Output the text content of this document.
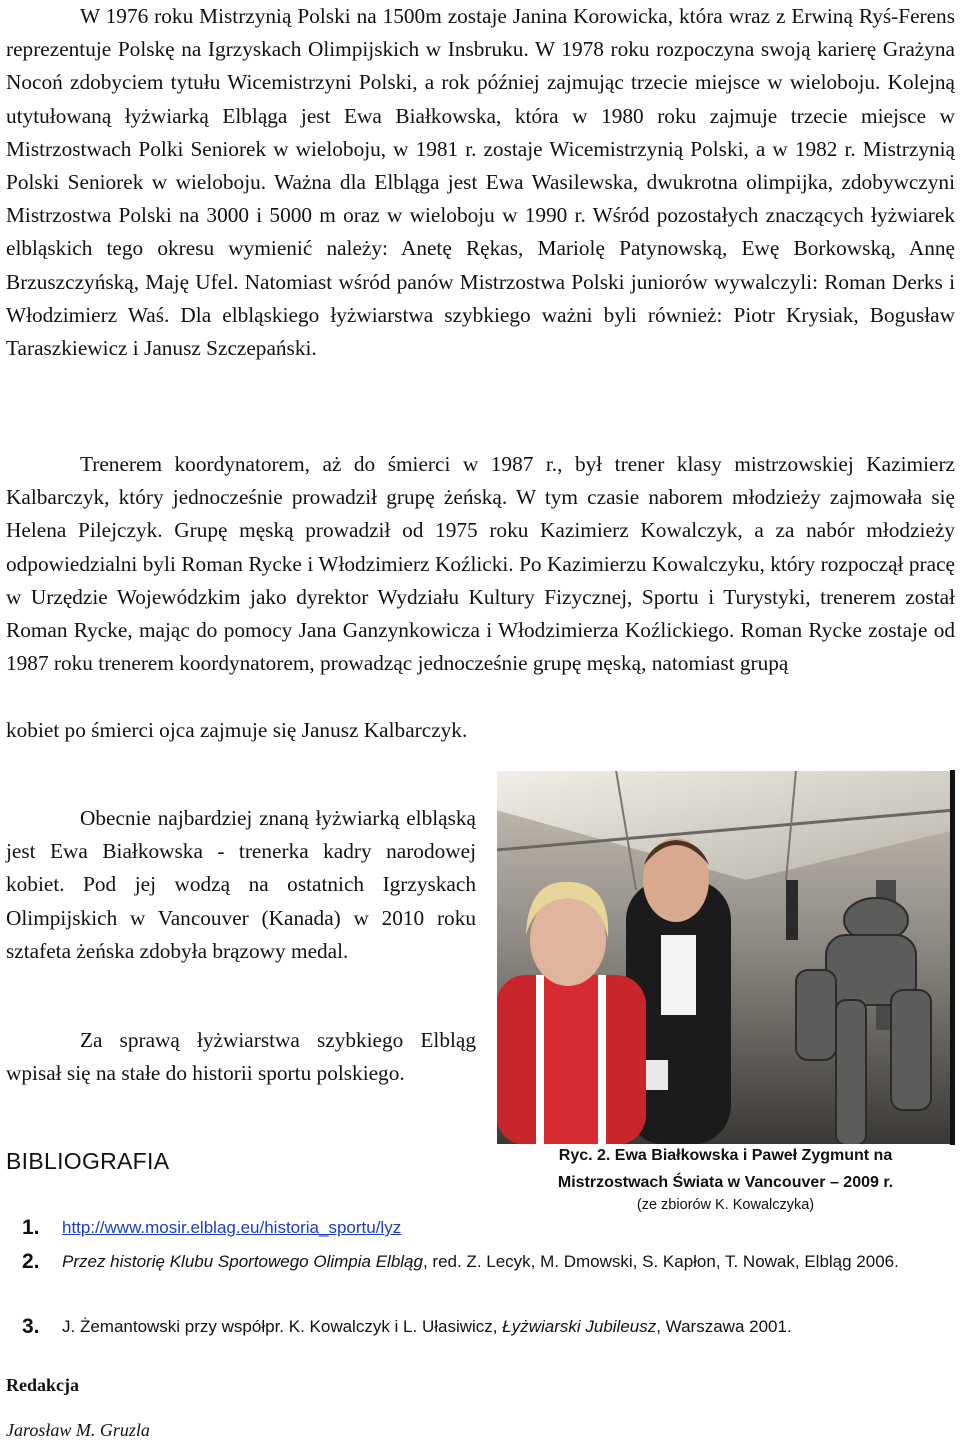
W 1976 roku Mistrzynią Polski na 1500m zostaje Janina Korowicka, która wraz z Erwiną Ryś-Ferens reprezentuje Polskę na Igrzyskach Olimpijskich w Insbruku. W 1978 roku rozpoczyna swoją karierę Grażyna Nocoń zdobyciem tytułu Wicemistrzyni Polski, a rok później zajmując trzecie miejsce w wieloboju. Kolejną utytułowaną łyżwiarką Elbląga jest Ewa Białkowska, która w 1980 roku zajmuje trzecie miejsce w Mistrzostwach Polki Seniorek w wieloboju, w 1981 r. zostaje Wicemistrzynią Polski, a w 1982 r. Mistrzynią Polski Seniorek w wieloboju. Ważna dla Elbląga jest Ewa Wasilewska, dwukrotna olimpijka, zdobywczyni Mistrzostwa Polski na 3000 i 5000 m oraz w wieloboju w 1990 r. Wśród pozostałych znaczących łyżwiarek elbląskich tego okresu wymienić należy: Anetę Rękas, Mariolę Patynowską, Ewę Borkowską, Annę Brzuszczyńską, Maję Ufel. Natomiast wśród panów Mistrzostwa Polski juniorów wywalczyli: Roman Derks i Włodzimierz Waś. Dla elbląskiego łyżwiarstwa szybkiego ważni byli również: Piotr Krysiak, Bogusław Taraszkiewicz i Janusz Szczepański.
Trenerem koordynatorem, aż do śmierci w 1987 r., był trener klasy mistrzowskiej Kazimierz Kalbarczyk, który jednocześnie prowadził grupę żeńską. W tym czasie naborem młodzieży zajmowała się Helena Pilejczyk. Grupę męską prowadził od 1975 roku Kazimierz Kowalczyk, a za nabór młodzieży odpowiedzialni byli Roman Rycke i Włodzimierz Koźlicki. Po Kazimierzu Kowalczyku, który rozpoczął pracę w Urzędzie Wojewódzkim jako dyrektor Wydziału Kultury Fizycznej, Sportu i Turystyki, trenerem został Roman Rycke, mając do pomocy Jana Ganzynkowicza i Włodzimierza Koźlickiego. Roman Rycke zostaje od 1987 roku trenerem koordynatorem, prowadząc jednocześnie grupę męską, natomiast grupą
kobiet po śmierci ojca zajmuje się Janusz Kalbarczyk.
Obecnie najbardziej znaną łyżwiarką elbląską jest Ewa Białkowska - trenerka kadry narodowej kobiet. Pod jej wodzą na ostatnich Igrzyskach Olimpijskich w Vancouver (Kanada) w 2010 roku sztafeta żeńska zdobyła brązowy medal.
Za sprawą łyżwiarstwa szybkiego Elbląg wpisał się na stałe do historii sportu polskiego.
Ryc. 2. Ewa Białkowska i Paweł Zygmunt na
Mistrzostwach Świata w Vancouver – 2009 r.
(ze zbiorów K. Kowalczyka)
BIBLIOGRAFIA
1. http://www.mosir.elblag.eu/historia_sportu/lyz
2. Przez historię Klubu Sportowego Olimpia Elbląg, red. Z. Lecyk, M. Dmowski, S. Kapłon, T. Nowak, Elbląg 2006.
3. J. Żemantowski przy współpr. K. Kowalczyk i L. Ułasiwicz, Łyżwiarski Jubileusz, Warszawa 2001.
Redakcja
Jarosław M. Gruzla
